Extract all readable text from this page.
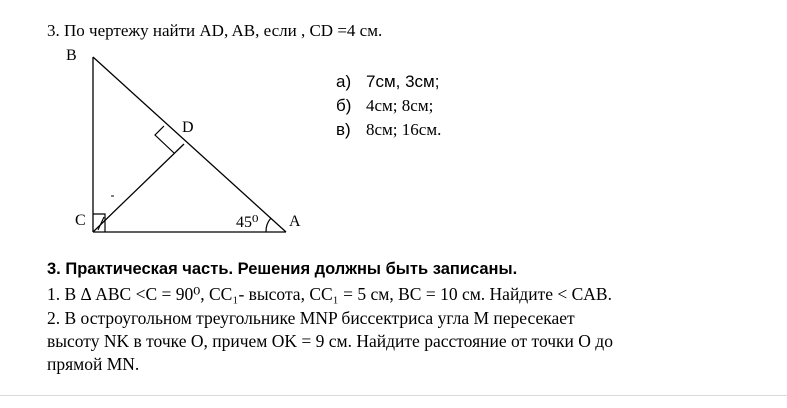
3. По чертежу найти AD, AB, если , CD =4 см.
а) 7см, 3см;
б) 4см; 8см;
в) 8см; 16см.
B
D
C	A
45⁰
3. Практическая часть. Решения должны быть записаны.
1. В Δ ABC <C = 90⁰, CC₁- высота, CC₁ = 5 см, BC = 10 см. Найдите < CAB.
2. В остроугольном треугольнике MNP биссектриса угла M пересекает
высоту NK в точке O, причем OK = 9 см. Найдите расстояние от точки O до
прямой MN.
